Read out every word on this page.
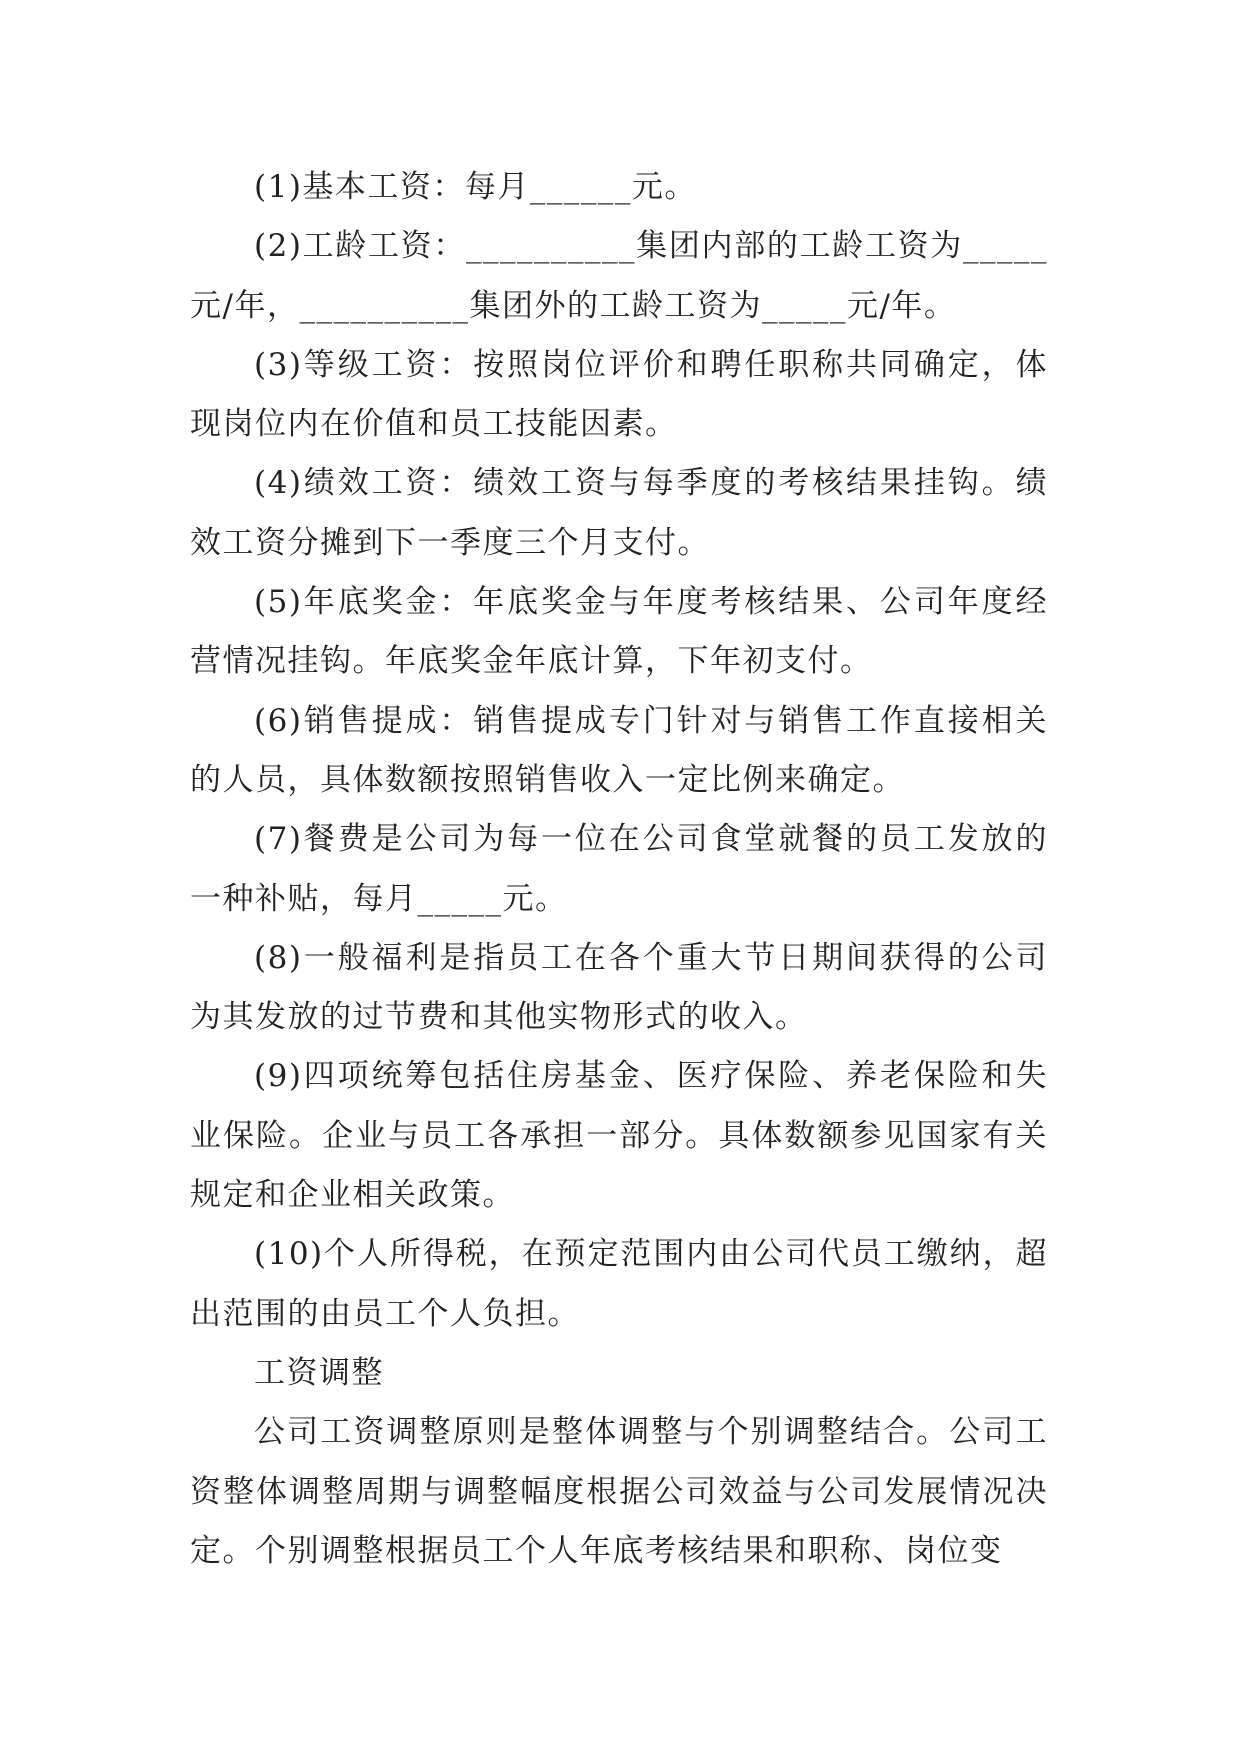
(1)基本工资：每月______元。

(2)工龄工资：__________集团内部的工龄工资为_____元/年，__________集团外的工龄工资为_____元/年。

(3)等级工资：按照岗位评价和聘任职称共同确定，体现岗位内在价值和员工技能因素。

(4)绩效工资：绩效工资与每季度的考核结果挂钩。绩效工资分摊到下一季度三个月支付。

(5)年底奖金：年底奖金与年度考核结果、公司年度经营情况挂钩。年底奖金年底计算，下年初支付。

(6)销售提成：销售提成专门针对与销售工作直接相关的人员，具体数额按照销售收入一定比例来确定。

(7)餐费是公司为每一位在公司食堂就餐的员工发放的一种补贴，每月_____元。

(8)一般福利是指员工在各个重大节日期间获得的公司为其发放的过节费和其他实物形式的收入。

(9)四项统筹包括住房基金、医疗保险、养老保险和失业保险。企业与员工各承担一部分。具体数额参见国家有关规定和企业相关政策。

(10)个人所得税，在预定范围内由公司代员工缴纳，超出范围的由员工个人负担。

工资调整

公司工资调整原则是整体调整与个别调整结合。公司工资整体调整周期与调整幅度根据公司效益与公司发展情况决定。个别调整根据员工个人年底考核结果和职称、岗位变
